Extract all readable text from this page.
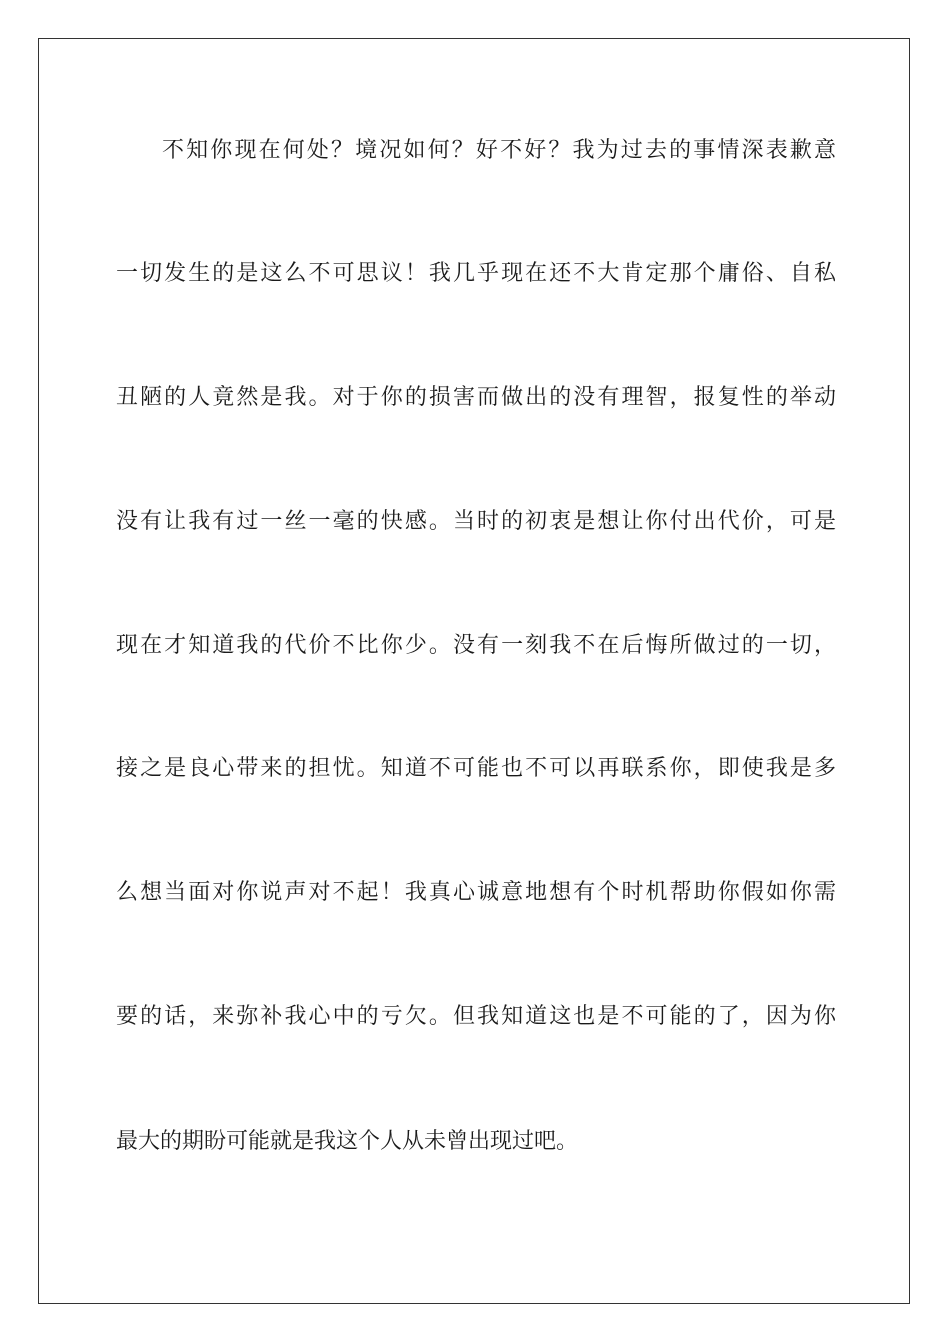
不知你现在何处？境况如何？好不好？我为过去的事情深表歉意
一切发生的是这么不可思议！我几乎现在还不大肯定那个庸俗、自私
丑陋的人竟然是我。对于你的损害而做出的没有理智，报复性的举动
没有让我有过一丝一毫的快感。当时的初衷是想让你付出代价，可是
现在才知道我的代价不比你少。没有一刻我不在后悔所做过的一切，
接之是良心带来的担忧。知道不可能也不可以再联系你，即使我是多
么想当面对你说声对不起！我真心诚意地想有个时机帮助你假如你需
要的话，来弥补我心中的亏欠。但我知道这也是不可能的了，因为你
最大的期盼可能就是我这个人从未曾出现过吧。
